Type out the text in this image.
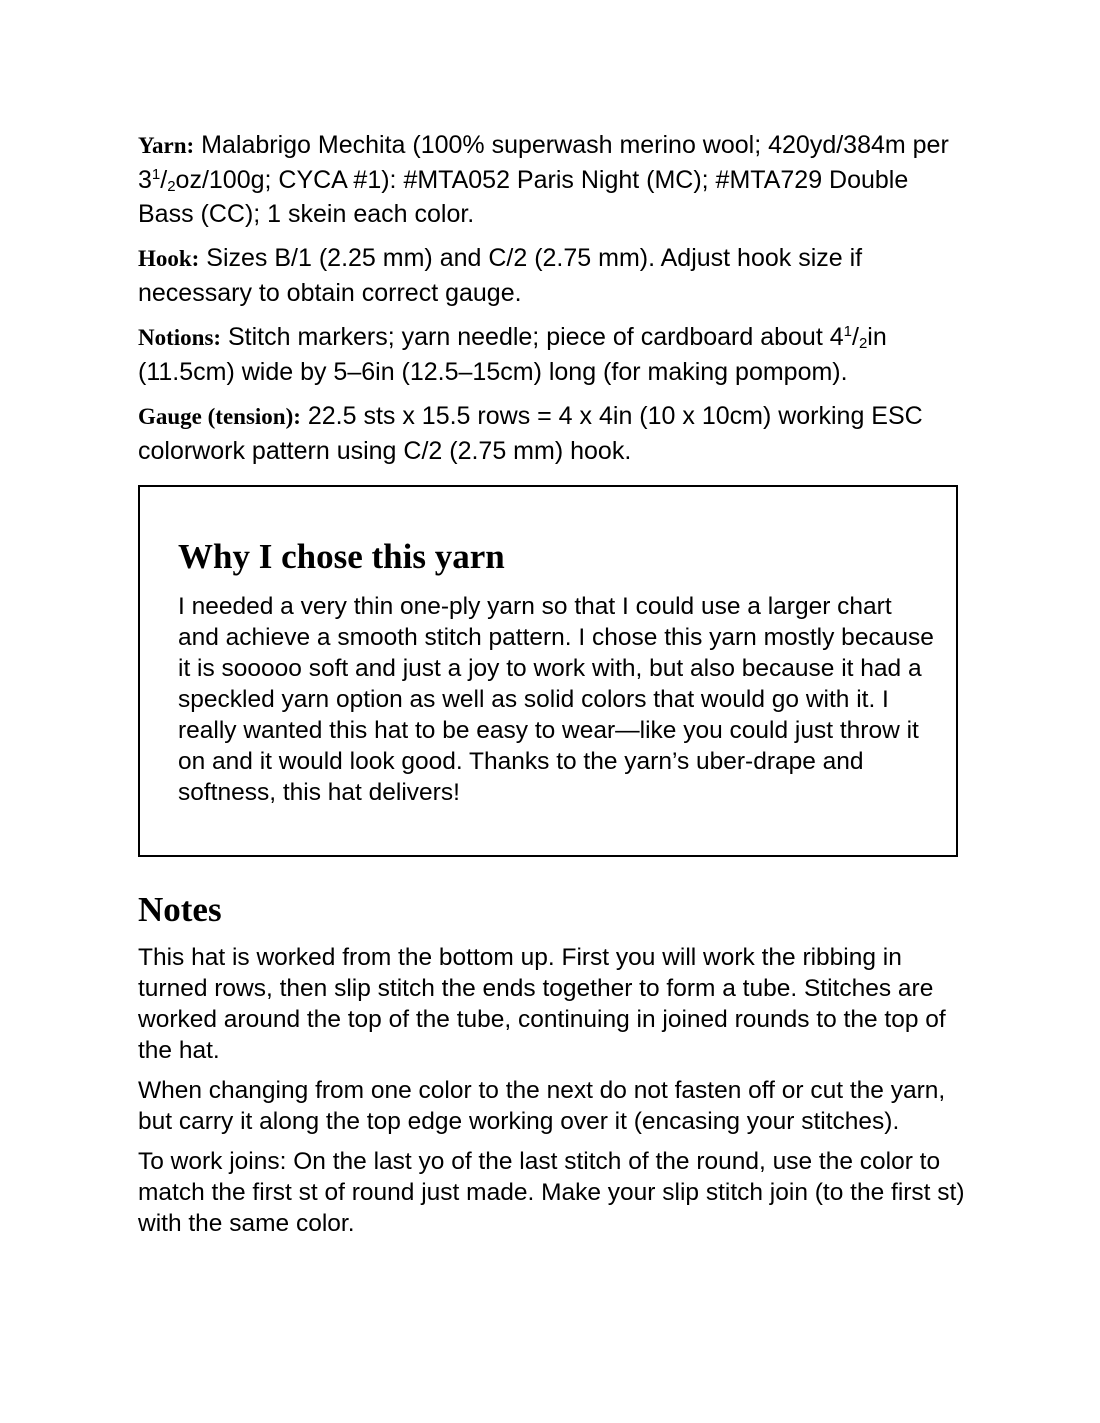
Yarn: Malabrigo Mechita (100% superwash merino wool; 420yd/384m per $3^1/_2oz/100g$; CYCA #1): #MTA052 Paris Night (MC); #MTA729 Double Bass (CC); 1 skein each color.

Hook: Sizes B/1 (2.25 mm) and C/2 (2.75 mm). Adjust hook size if necessary to obtain correct gauge.

Notions: Stitch markers; yarn needle; piece of cardboard about $4^1/_2in$ (11.5cm) wide by 5–6in (12.5–15cm) long (for making pompom).

Gauge (tension): 22.5 sts x 15.5 rows = 4 x 4in (10 x 10cm) working ESC colorwork pattern using C/2 (2.75 mm) hook.

Why I chose this yarn

I needed a very thin one-ply yarn so that I could use a larger chart and achieve a smooth stitch pattern. I chose this yarn mostly because it is sooooo soft and just a joy to work with, but also because it had a speckled yarn option as well as solid colors that would go with it. I really wanted this hat to be easy to wear—like you could just throw it on and it would look good. Thanks to the yarn’s uber-drape and softness, this hat delivers!

Notes

This hat is worked from the bottom up. First you will work the ribbing in turned rows, then slip stitch the ends together to form a tube. Stitches are worked around the top of the tube, continuing in joined rounds to the top of the hat.

When changing from one color to the next do not fasten off or cut the yarn, but carry it along the top edge working over it (encasing your stitches).

To work joins: On the last yo of the last stitch of the round, use the color to match the first st of round just made. Make your slip stitch join (to the first st) with the same color.
